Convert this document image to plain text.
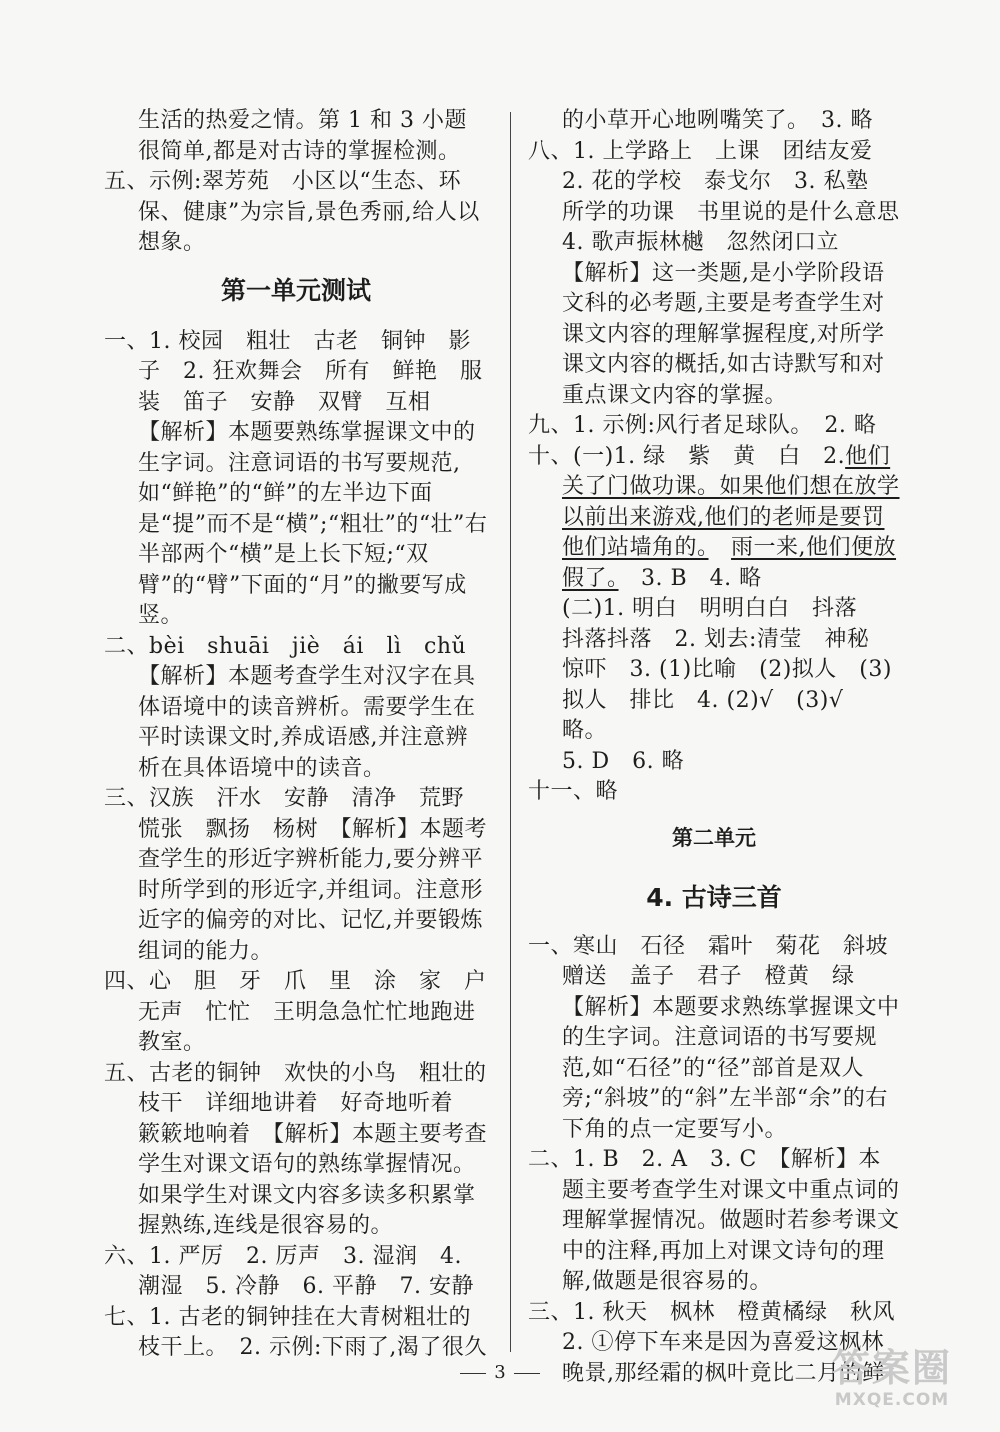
生活的热爱之情。第 1 和 3 小题很简单,都是对古诗的掌握检测。

五、示例:翠芳苑　小区以“生态、环保、健康”为宗旨,景色秀丽,给人以想象。

第一单元测试

一、1. 校园　粗壮　古老　铜钟　影子　2. 狂欢舞会　所有　鲜艳　服装　笛子　安静　双臂　互相

【解析】本题要熟练掌握课文中的生字词。注意词语的书写要规范,如“鲜艳”的“鲜”的左半边下面是“提”而不是“横”;“粗壮”的“壮”右半部两个“横”是上长下短;“双臂”的“臂”下面的“月”的撇要写成竖。

二、bèi　shuāi　jiè　ái　lì　chǔ　【解析】本题考查学生对汉字在具体语境中的读音辨析。需要学生在平时读课文时,养成语感,并注意辨析在具体语境中的读音。

三、汉族　汗水　安静　清净　荒野　慌张　飘扬　杨树　【解析】本题考查学生的形近字辨析能力,要分辨平时所学到的形近字,并组词。注意形近字的偏旁的对比、记忆,并要锻炼组词的能力。

四、心　胆　牙　爪　里　涂　家　户　无声　忙忙　王明急急忙忙地跑进教室。

五、古老的铜钟　欢快的小鸟　粗壮的枝干　详细地讲着　好奇地听着　簌簌地响着　【解析】本题主要考查学生对课文语句的熟练掌握情况。如果学生对课文内容多读多积累掌握熟练,连线是很容易的。

六、1. 严厉　2. 厉声　3. 湿润　4. 潮湿　5. 冷静　6. 平静　7. 安静

七、1. 古老的铜钟挂在大青树粗壮的枝干上。　2. 示例:下雨了,渴了很久

的小草开心地咧嘴笑了。　3. 略

八、1. 上学路上　上课　团结友爱　2. 花的学校　泰戈尔　3. 私塾　所学的功课　书里说的是什么意思　4. 歌声振林樾　忽然闭口立

【解析】这一类题,是小学阶段语文科的必考题,主要是考查学生对课文内容的理解掌握程度,对所学课文内容的概括,如古诗默写和对重点课文内容的掌握。

九、1. 示例:风行者足球队。　2. 略

十、(一)1. 绿　紫　黄　白　2.他们关了门做功课。如果他们想在放学以前出来游戏,他们的老师是要罚他们站墙角的。　 雨一来,他们便放假了。　3. B　4. 略

(二)1. 明白　明明白白　抖落　抖落抖落　2. 划去:清莹　神秘　惊吓　3. (1)比喻　(2)拟人　(3)拟人　排比　4. (2)√　(3)√　略。

5. D　6. 略

十一、略

第二单元

4. 古诗三首

一、寒山　石径　霜叶　菊花　斜坡　赠送　盖子　君子　橙黄　绿

【解析】本题要求熟练掌握课文中的生字词。注意词语的书写要规范,如“石径”的“径”部首是双人旁;“斜坡”的“斜”左半部“余”的右下角的点一定要写小。

二、1. B　2. A　3. C　【解析】本题主要考查学生对课文中重点词的理解掌握情况。做题时若参考课文中的注释,再加上对课文诗句的理解,做题是很容易的。

三、1. 秋天　枫林　橙黄橘绿　秋风

2. ①停下车来是因为喜爱这枫林晚景,那经霜的枫叶竟比二月的鲜

3	答案圈
MXQE.COM
